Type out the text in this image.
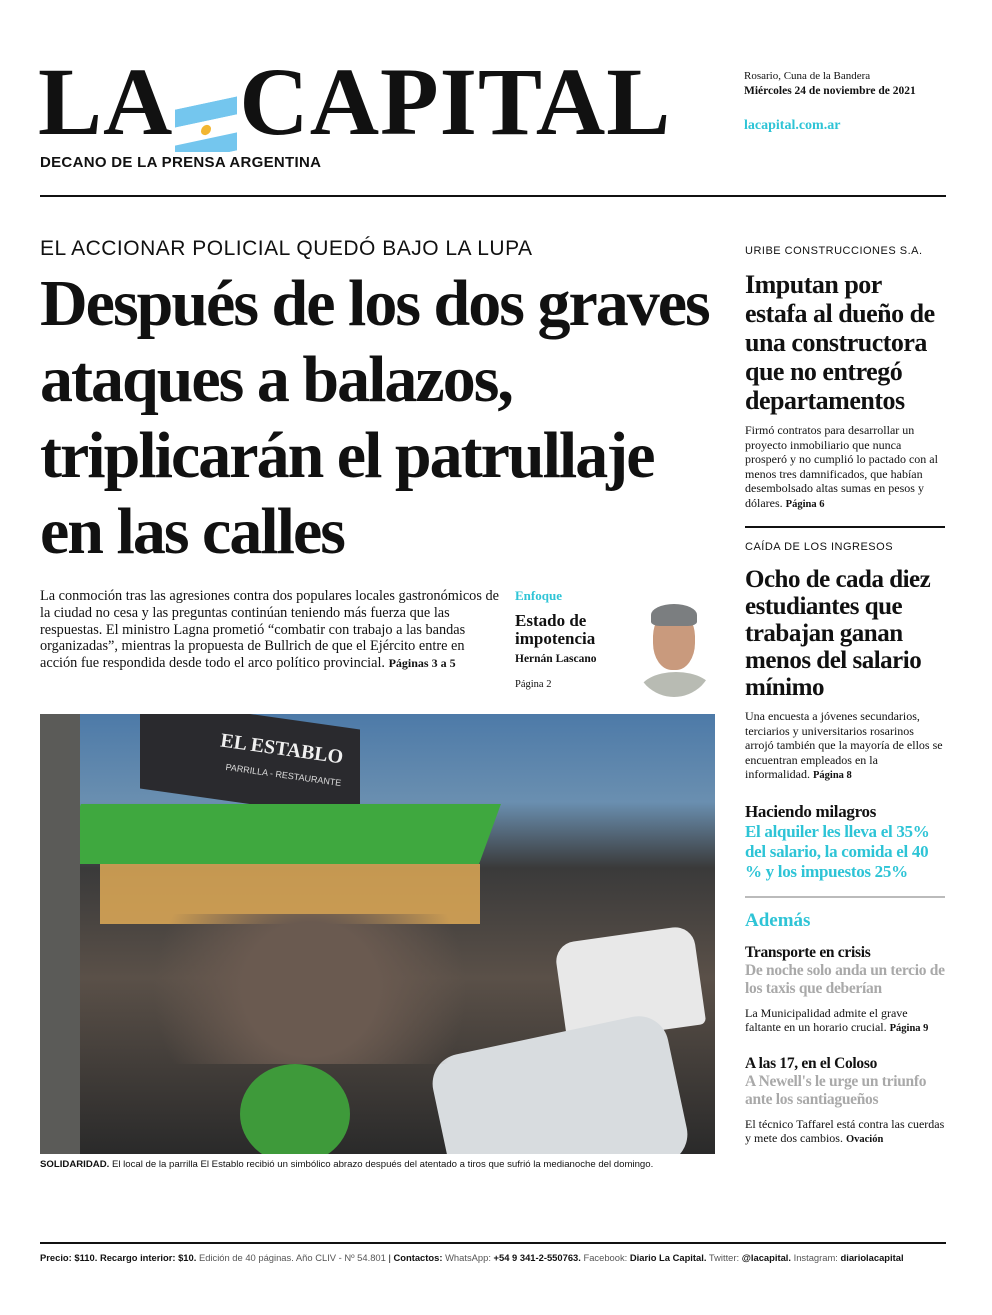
LA CAPITAL
DECANO DE LA PRENSA ARGENTINA
Rosario, Cuna de la Bandera
Miércoles 24 de noviembre de 2021
lacapital.com.ar
EL ACCIONAR POLICIAL QUEDÓ BAJO LA LUPA
Después de los dos graves ataques a balazos, triplicarán el patrullaje en las calles

La conmoción tras las agresiones contra dos populares locales gastronómicos de la ciudad no cesa y las preguntas continúan teniendo más fuerza que las respuestas. El ministro Lagna prometió “combatir con trabajo a las bandas organizadas”, mientras la propuesta de Bullrich de que el Ejército entre en acción fue respondida desde todo el arco político provincial. Páginas 3 a 5

Enfoque
Estado de impotencia
Hernán Lascano
Página 2
EL ESTABLO
PARRILLA - RESTAURANTE
SOLIDARIDAD. El local de la parrilla El Establo recibió un simbólico abrazo después del atentado a tiros que sufrió la medianoche del domingo.
URIBE CONSTRUCCIONES S.A.
Imputan por estafa al dueño de una constructora que no entregó departamentos

Firmó contratos para desarrollar un proyecto inmobiliario que nunca prosperó y no cumplió lo pactado con al menos tres damnificados, que habían desembolsado altas sumas en pesos y dólares. Página 6

CAÍDA DE LOS INGRESOS
Ocho de cada diez estudiantes que trabajan ganan menos del salario mínimo

Una encuesta a jóvenes secundarios, terciarios y universitarios rosarinos arrojó también que la mayoría de ellos se encuentran empleados en la informalidad. Página 8

Haciendo milagros
El alquiler les lleva el 35% del salario, la comida el 40 % y los impuestos 25%
Además
Transporte en crisis
De noche solo anda un tercio de los taxis que deberían

La Municipalidad admite el grave faltante en un horario crucial. Página 9

A las 17, en el Coloso
A Newell's le urge un triunfo ante los santiagueños

El técnico Taffarel está contra las cuerdas y mete dos cambios. Ovación

Precio: $110. Recargo interior: $10. Edición de 40 páginas. Año CLIV - Nº 54.801 | Contactos: WhatsApp: +54 9 341-2-550763. Facebook: Diario La Capital. Twitter: @lacapital. Instagram: diariolacapital
